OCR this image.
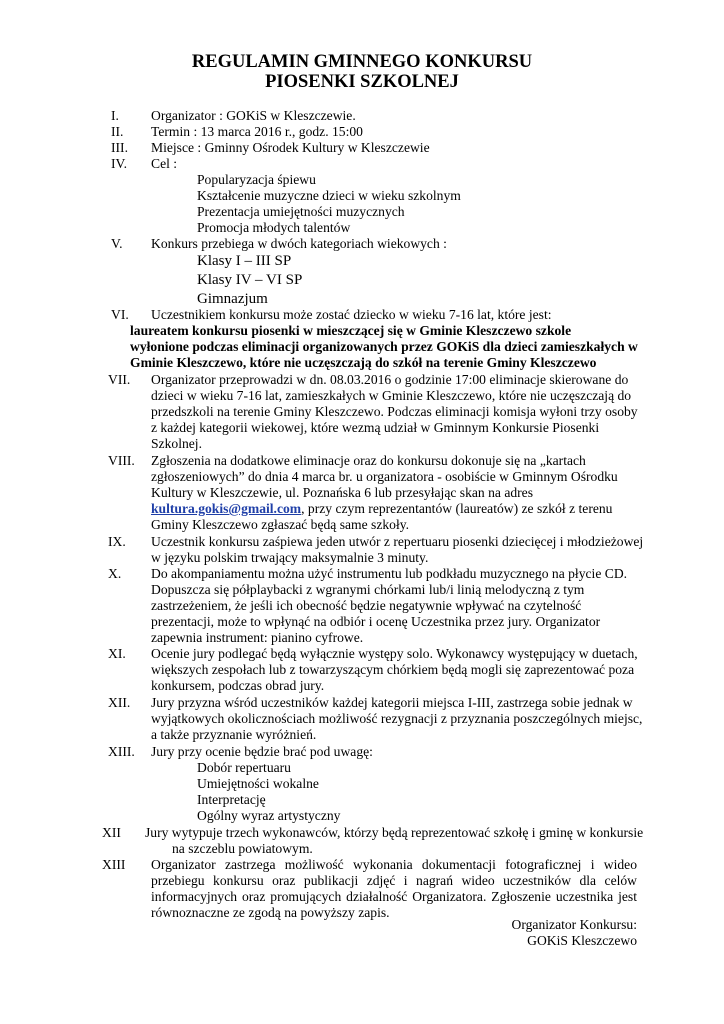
REGULAMIN GMINNEGO KONKURSU
PIOSENKI SZKOLNEJ
I. Organizator : GOKiS w Kleszczewie.
II. Termin : 13 marca 2016 r., godz. 15:00
III. Miejsce : Gminny Ośrodek Kultury w Kleszczewie
IV. Cel :
Popularyzacja śpiewu
Kształcenie muzyczne dzieci w wieku szkolnym
Prezentacja umiejętności muzycznych
Promocja młodych talentów
V. Konkurs przebiega w dwóch kategoriach wiekowych :
Klasy I – III SP
Klasy IV – VI SP
Gimnazjum
VI. Uczestnikiem konkursu może zostać dziecko w wieku 7-16 lat, które jest:
laureatem konkursu piosenki w mieszczącej się w Gminie Kleszczewo szkole
wyłonione podczas eliminacji organizowanych przez GOKiS dla dzieci zamieszkałych w
Gminie Kleszczewo, które nie uczęszczają do szkół na terenie Gminy Kleszczewo
VII. Organizator przeprowadzi w dn. 08.03.2016 o godzinie 17:00 eliminacje skierowane do
dzieci w wieku 7-16 lat, zamieszkałych w Gminie Kleszczewo, które nie uczęszczają do
przedszkoli na terenie Gminy Kleszczewo. Podczas eliminacji komisja wyłoni trzy osoby
z każdej kategorii wiekowej, które wezmą udział w Gminnym Konkursie Piosenki
Szkolnej.
VIII. Zgłoszenia na dodatkowe eliminacje oraz do konkursu dokonuje się na „kartach
zgłoszeniowych” do dnia 4 marca br. u organizatora - osobiście w Gminnym Ośrodku
Kultury w Kleszczewie, ul. Poznańska 6 lub przesyłając skan na adres
kultura.gokis@gmail.com, przy czym reprezentantów (laureatów) ze szkół z terenu
Gminy Kleszczewo zgłaszać będą same szkoły.
IX. Uczestnik konkursu zaśpiewa jeden utwór z repertuaru piosenki dziecięcej i młodzieżowej
w języku polskim trwający maksymalnie 3 minuty.
X. Do akompaniamentu można użyć instrumentu lub podkładu muzycznego na płycie CD.
Dopuszcza się półplaybacki z wgranymi chórkami lub/i linią melodyczną z tym
zastrzeżeniem, że jeśli ich obecność będzie negatywnie wpływać na czytelność
prezentacji, może to wpłynąć na odbiór i ocenę Uczestnika przez jury. Organizator
zapewnia instrument: pianino cyfrowe.
XI. Ocenie jury podlegać będą wyłącznie występy solo. Wykonawcy występujący w duetach,
większych zespołach lub z towarzyszącym chórkiem będą mogli się zaprezentować poza
konkursem, podczas obrad jury.
XII. Jury przyzna wśród uczestników każdej kategorii miejsca I-III, zastrzega sobie jednak w
wyjątkowych okolicznościach możliwość rezygnacji z przyznania poszczególnych miejsc,
a także przyznanie wyróżnień.
XIII. Jury przy ocenie będzie brać pod uwagę:
Dobór repertuaru
Umiejętności wokalne
Interpretację
Ogólny wyraz artystyczny
XII Jury wytypuje trzech wykonawców, którzy będą reprezentować szkołę i gminę w konkursie
na szczeblu powiatowym.
XIII Organizator zastrzega możliwość wykonania dokumentacji fotograficznej i wideo
przebiegu konkursu oraz publikacji zdjęć i nagrań wideo uczestników dla celów
informacyjnych oraz promujących działalność Organizatora. Zgłoszenie uczestnika jest
równoznaczne ze zgodą na powyższy zapis.
Organizator Konkursu:
GOKiS Kleszczewo
